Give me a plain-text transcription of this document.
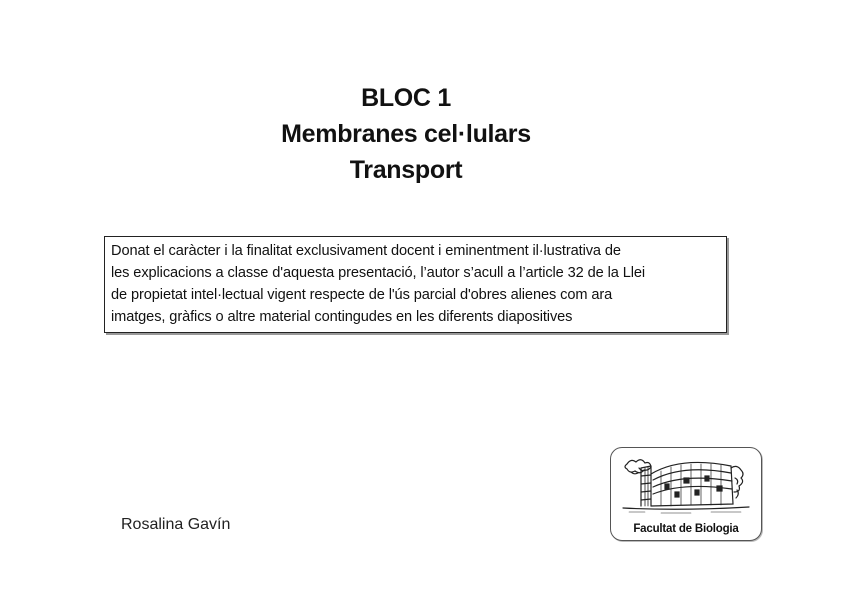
BLOC 1
Membranes cel·lulars
Transport
Donat el caràcter i la finalitat exclusivament docent i eminentment il·lustrativa de
les explicacions a classe d'aquesta presentació, l’autor s’acull a l’article 32 de la Llei
de propietat intel·lectual vigent respecte de l'ús parcial d'obres alienes com ara
imatges, gràfics o altre material contingudes en les diferents diapositives
Rosalina Gavín	Facultat de Biologia
